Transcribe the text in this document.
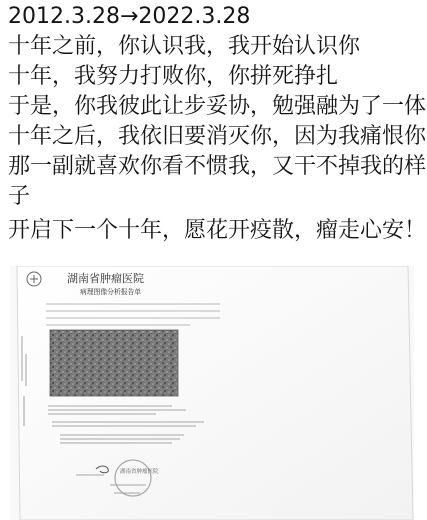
2012.3.28→2022.3.28
十年之前，你认识我，我开始认识你
十年，我努力打败你，你拼死挣扎
于是，你我彼此让步妥协，勉强融为了一体
十年之后，我依旧要消灭你，因为我痛恨你
那一副就喜欢你看不惯我，又干不掉我的样
子
开启下一个十年，愿花开疫散，瘤走心安！
湖南省肿瘤医院
病理图像分析报告单
湖南省肿瘤医院
